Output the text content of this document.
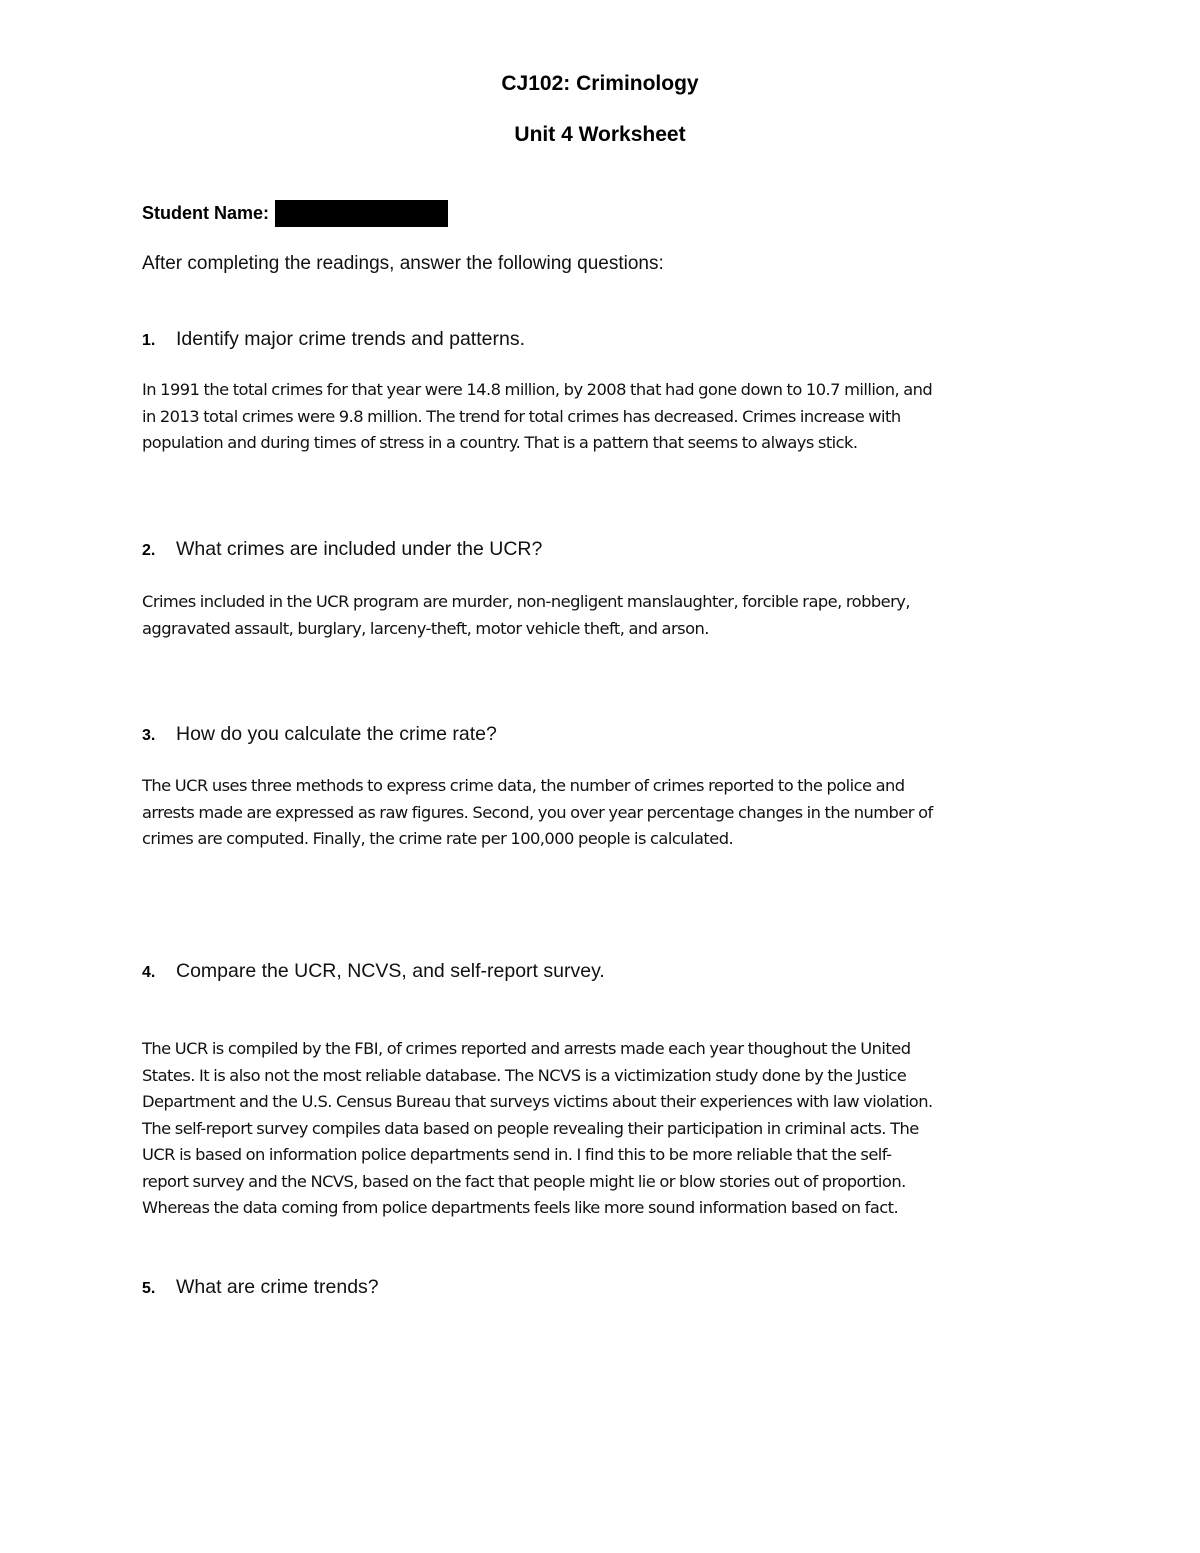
CJ102: Criminology
Unit 4 Worksheet
Student Name:
After completing the readings, answer the following questions:
1.	Identify major crime trends and patterns.
In 1991 the total crimes for that year were 14.8 million, by 2008 that had gone down to 10.7 million, and
in 2013 total crimes were 9.8 million. The trend for total crimes has decreased. Crimes increase with
population and during times of stress in a country. That is a pattern that seems to always stick.
2.	What crimes are included under the UCR?
Crimes included in the UCR program are murder, non-negligent manslaughter, forcible rape, robbery,
aggravated assault, burglary, larceny-theft, motor vehicle theft, and arson.
3.	How do you calculate the crime rate?
The UCR uses three methods to express crime data, the number of crimes reported to the police and
arrests made are expressed as raw figures. Second, you over year percentage changes in the number of
crimes are computed. Finally, the crime rate per 100,000 people is calculated.
4.	Compare the UCR, NCVS, and self-report survey.
The UCR is compiled by the FBI, of crimes reported and arrests made each year thoughout the United
States. It is also not the most reliable database. The NCVS is a victimization study done by the Justice
Department and the U.S. Census Bureau that surveys victims about their experiences with law violation.
The self-report survey compiles data based on people revealing their participation in criminal acts. The
UCR is based on information police departments send in. I find this to be more reliable that the self-
report survey and the NCVS, based on the fact that people might lie or blow stories out of proportion.
Whereas the data coming from police departments feels like more sound information based on fact.
5.	What are crime trends?
